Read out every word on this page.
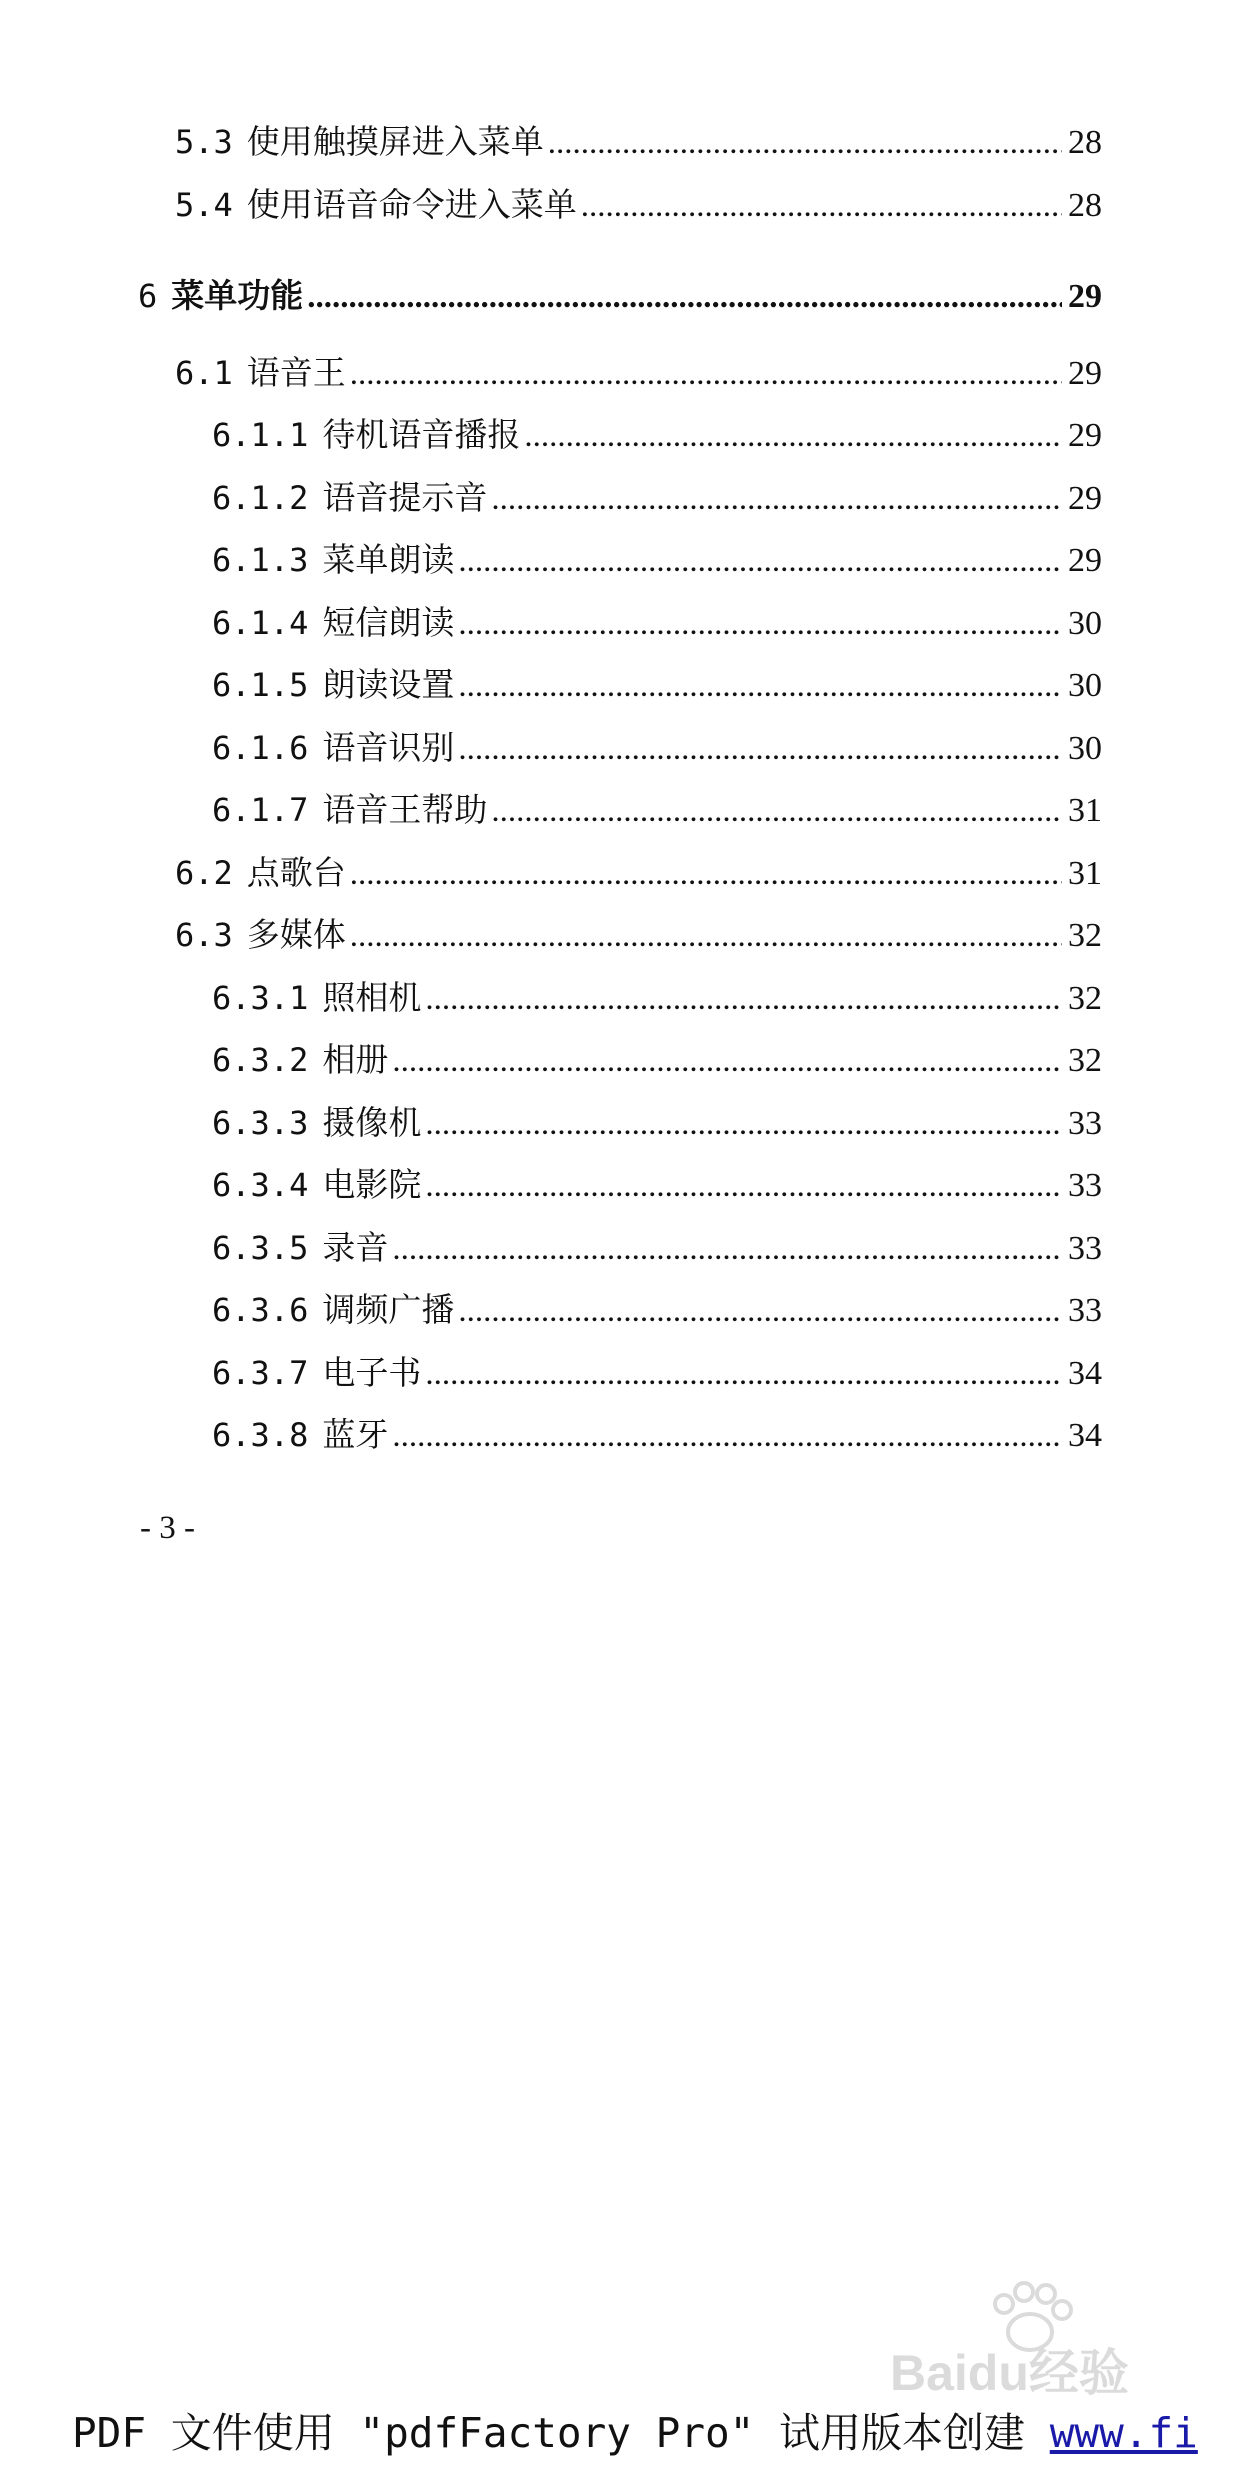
5.3 使用触摸屏进入菜单 .....	28
5.4 使用语音命令进入菜单 .....	28
6 菜单功能 .....	29
6.1 语音王 .....	29
6.1.1 待机语音播报 .....	29
6.1.2 语音提示音 .....	29
6.1.3 菜单朗读 .....	29
6.1.4 短信朗读 .....	30
6.1.5 朗读设置 .....	30
6.1.6 语音识别 .....	30
6.1.7 语音王帮助 .....	31
6.2 点歌台 .....	31
6.3 多媒体 .....	32
6.3.1 照相机 .....	32
6.3.2 相册 .....	32
6.3.3 摄像机 .....	33
6.3.4 电影院 .....	33
6.3.5 录音 .....	33
6.3.6 调频广播 .....	33
6.3.7 电子书 .....	34
6.3.8 蓝牙 .....	34
- 3 -
Baidu经验
PDF 文件使用 "pdfFactory Pro" 试用版本创建 www.fi
